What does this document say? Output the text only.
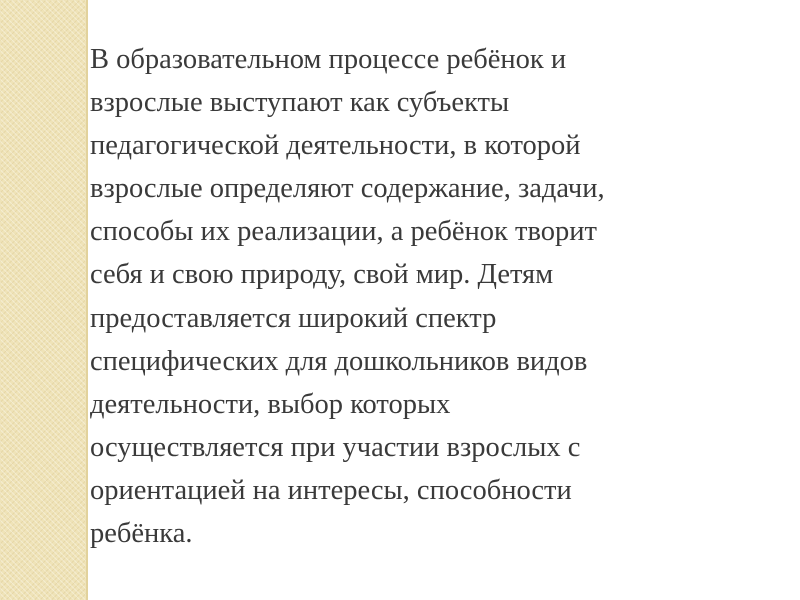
В образовательном процессе ребёнок и
взрослые выступают как субъекты
педагогической деятельности, в которой
взрослые определяют содержание, задачи,
способы их реализации, а ребёнок творит
себя и свою природу, свой мир. Детям
предоставляется широкий спектр
специфических для дошкольников видов
деятельности, выбор которых
осуществляется при участии взрослых с
ориентацией на интересы, способности
ребёнка.
